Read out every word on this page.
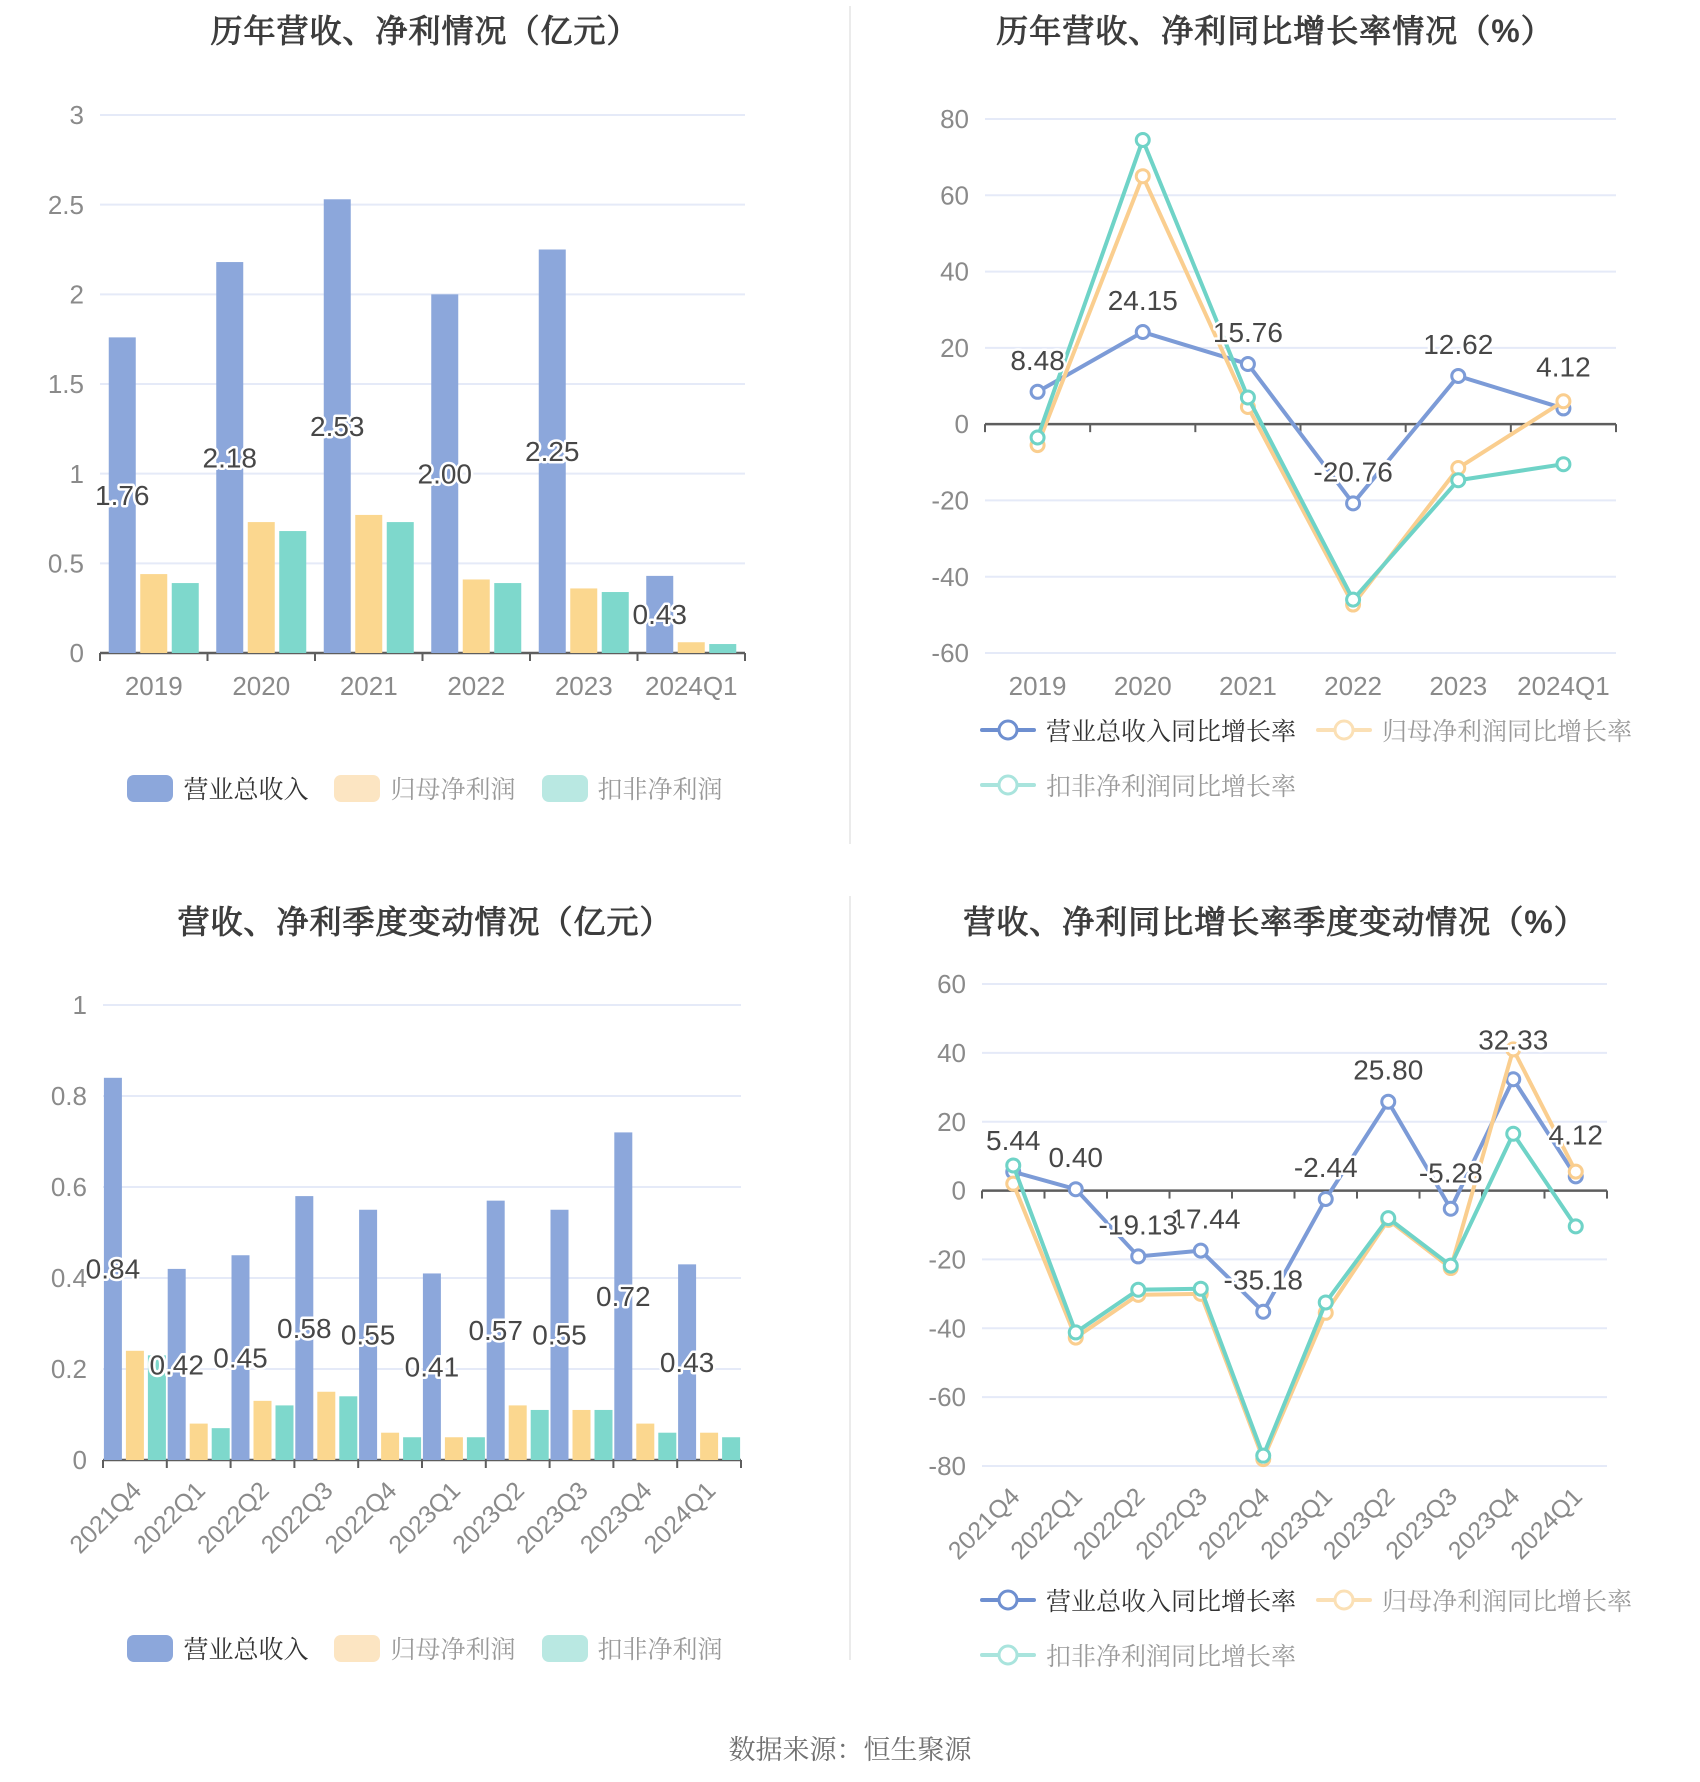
历年营收、净利情况（亿元）
0
0.5
1
1.5
2
2.5
3
2019 2020 2021 2022 2023 2024Q1
0.43
2.25
2.00
2.53
2.18
1.76
营业总收入	归母净利润	扣非净利润
历年营收、净利同比增长率情况（%）
-60
-40
-20
0
20
40
60
80
2019 2020 2021 2022 2023 2024Q1
4.12
12.62
-20.76
15.76
24.15
8.48
营业总收入同比增长率	归母净利润同比增长率
扣非净利润同比增长率
营收、净利季度变动情况（亿元）
0
0.2
0.4
0.6
0.8
1
2021Q4
2022Q1
2022Q2
2022Q3
2022Q4
2023Q1
2023Q2
2023Q3
2023Q4
2024Q1
0.43
0.72
0.55
0.57
0.41
0.55
0.58
0.45
0.42
0.84
营业总收入	归母净利润	扣非净利润
营收、净利同比增长率季度变动情况（%）
-80
-60
-40
-20
0
20
40
60
2021Q4
2022Q1
2022Q2
2022Q3
2022Q4
2023Q1
2023Q2
2023Q3
2023Q4
2024Q1
4.12
32.33
-5.28
25.80
-2.44
-35.18
-17.44
-19.13
0.40
5.44
营业总收入同比增长率	归母净利润同比增长率
扣非净利润同比增长率
数据来源：恒生聚源
